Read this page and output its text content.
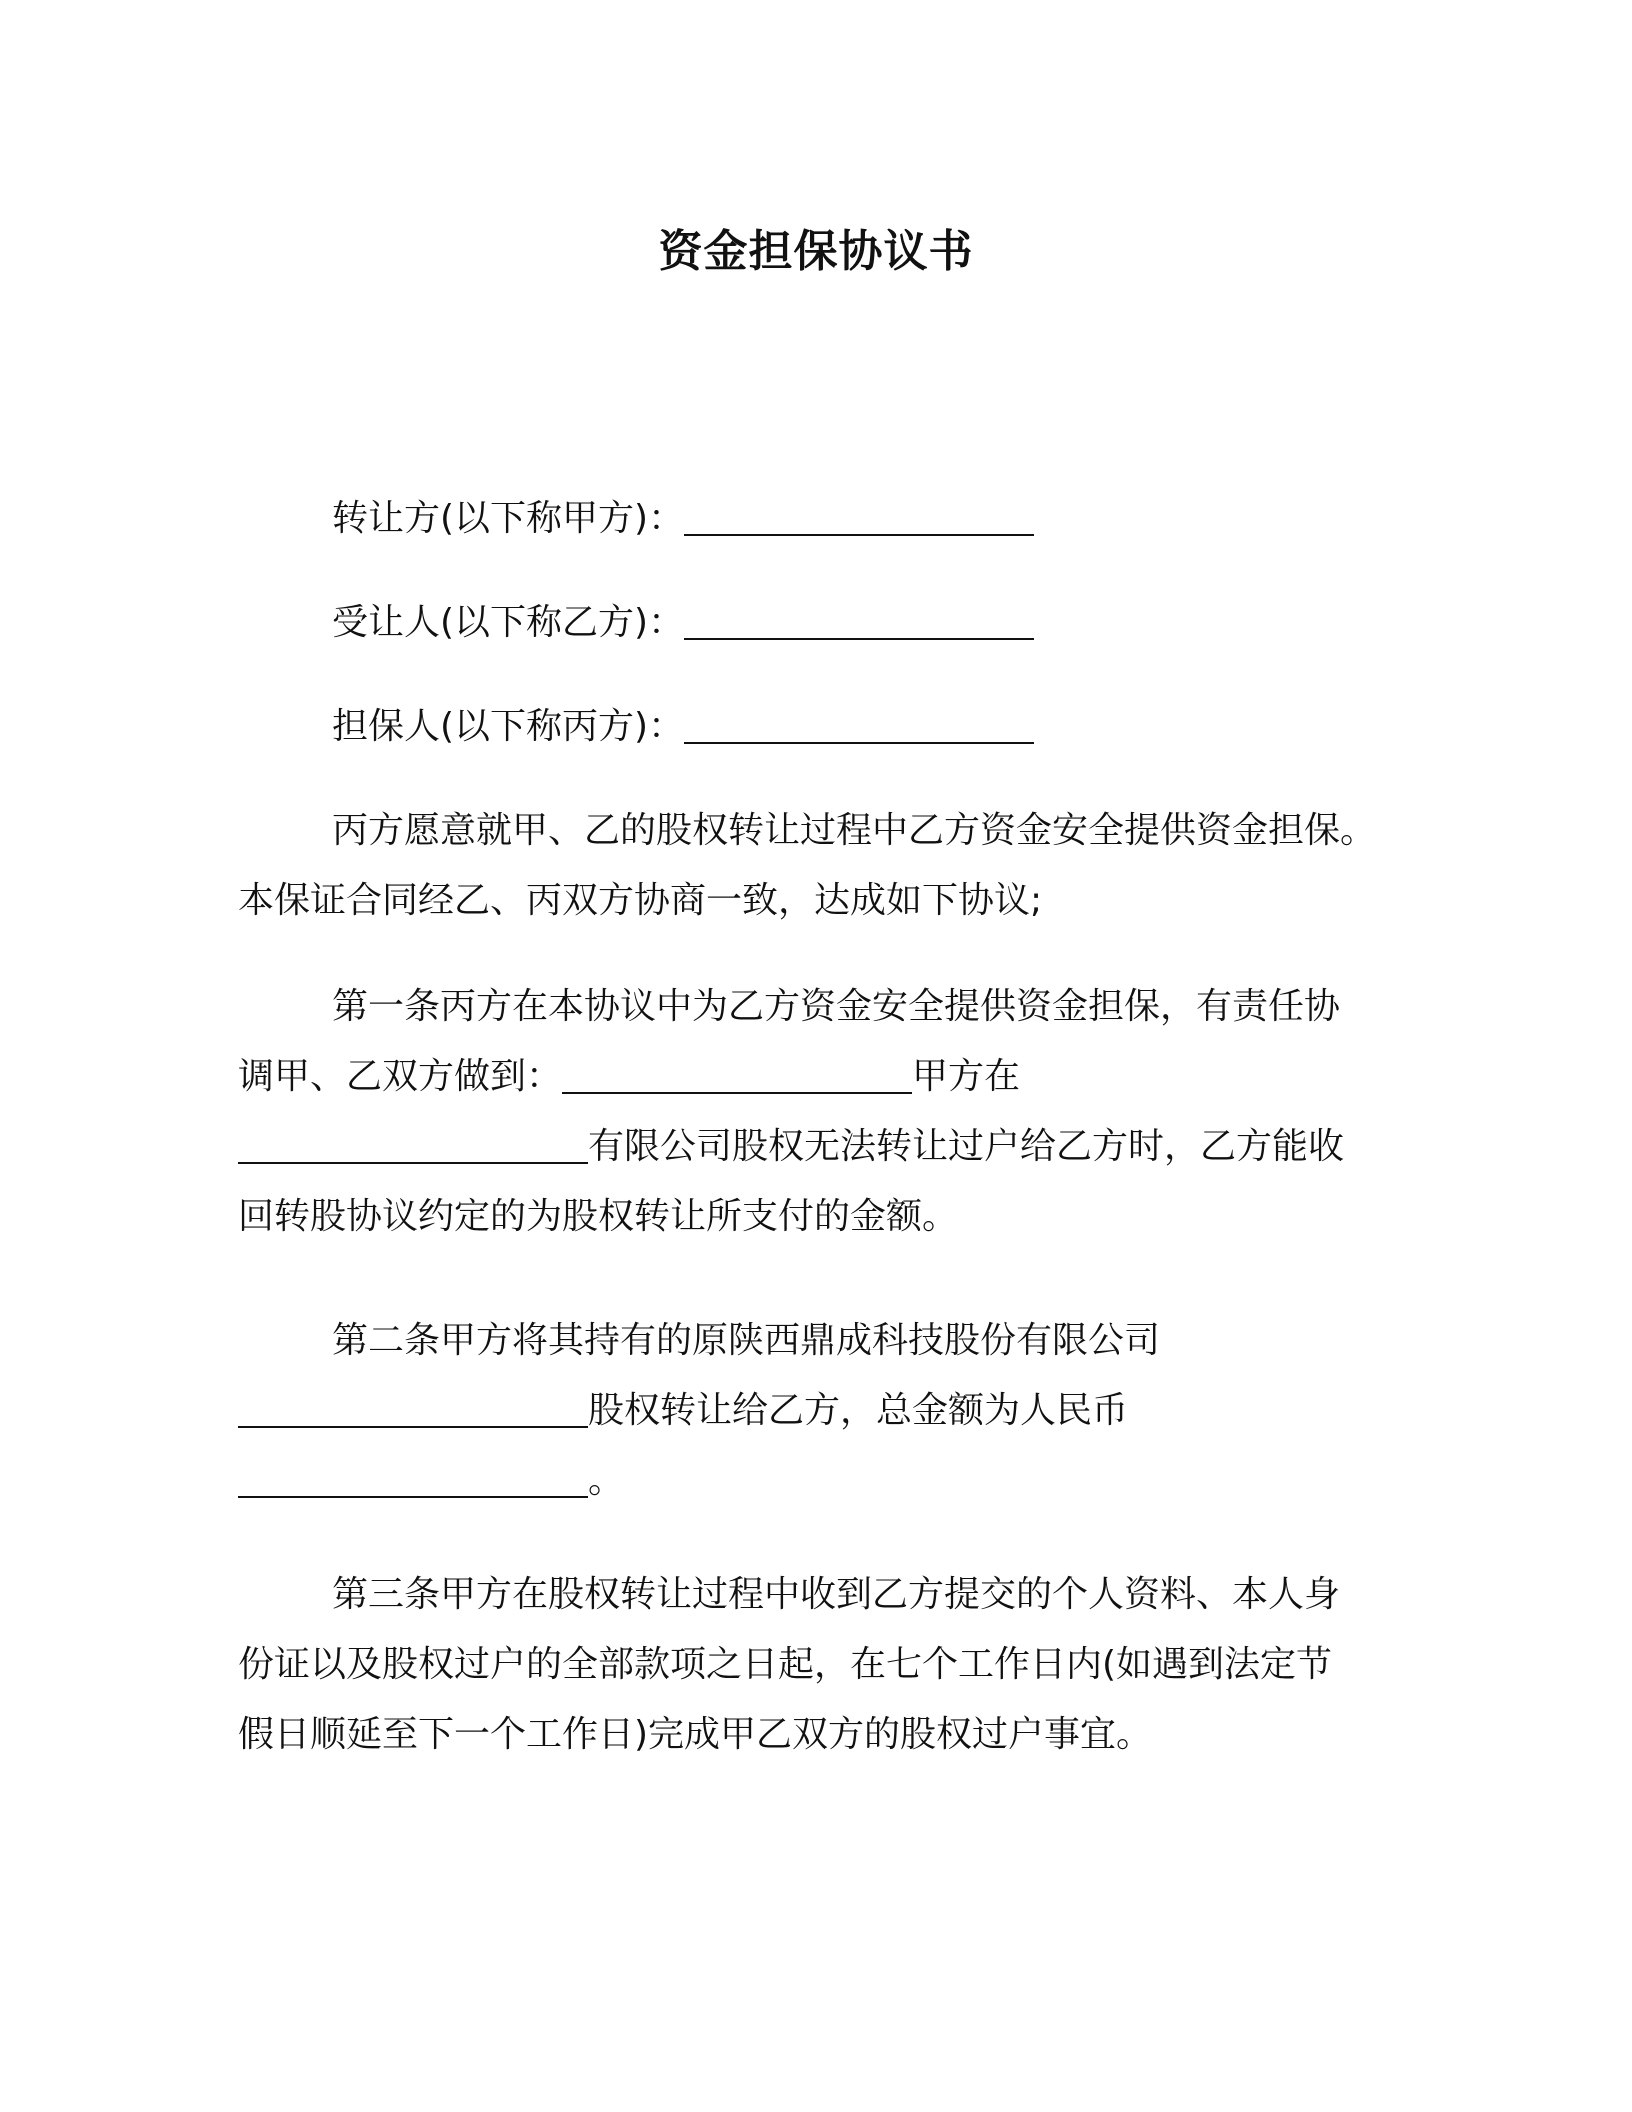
资金担保协议书
转让方(以下称甲方)：
受让人(以下称乙方)：
担保人(以下称丙方)：
丙方愿意就甲、乙的股权转让过程中乙方资金安全提供资金担保。
本保证合同经乙、丙双方协商一致，达成如下协议;
第一条丙方在本协议中为乙方资金安全提供资金担保，有责任协
调甲、乙双方做到：	甲方在
有限公司股权无法转让过户给乙方时，乙方能收
回转股协议约定的为股权转让所支付的金额。
第二条甲方将其持有的原陕西鼎成科技股份有限公司
股权转让给乙方，总金额为人民币
。
第三条甲方在股权转让过程中收到乙方提交的个人资料、本人身
份证以及股权过户的全部款项之日起，在七个工作日内(如遇到法定节
假日顺延至下一个工作日)完成甲乙双方的股权过户事宜。
